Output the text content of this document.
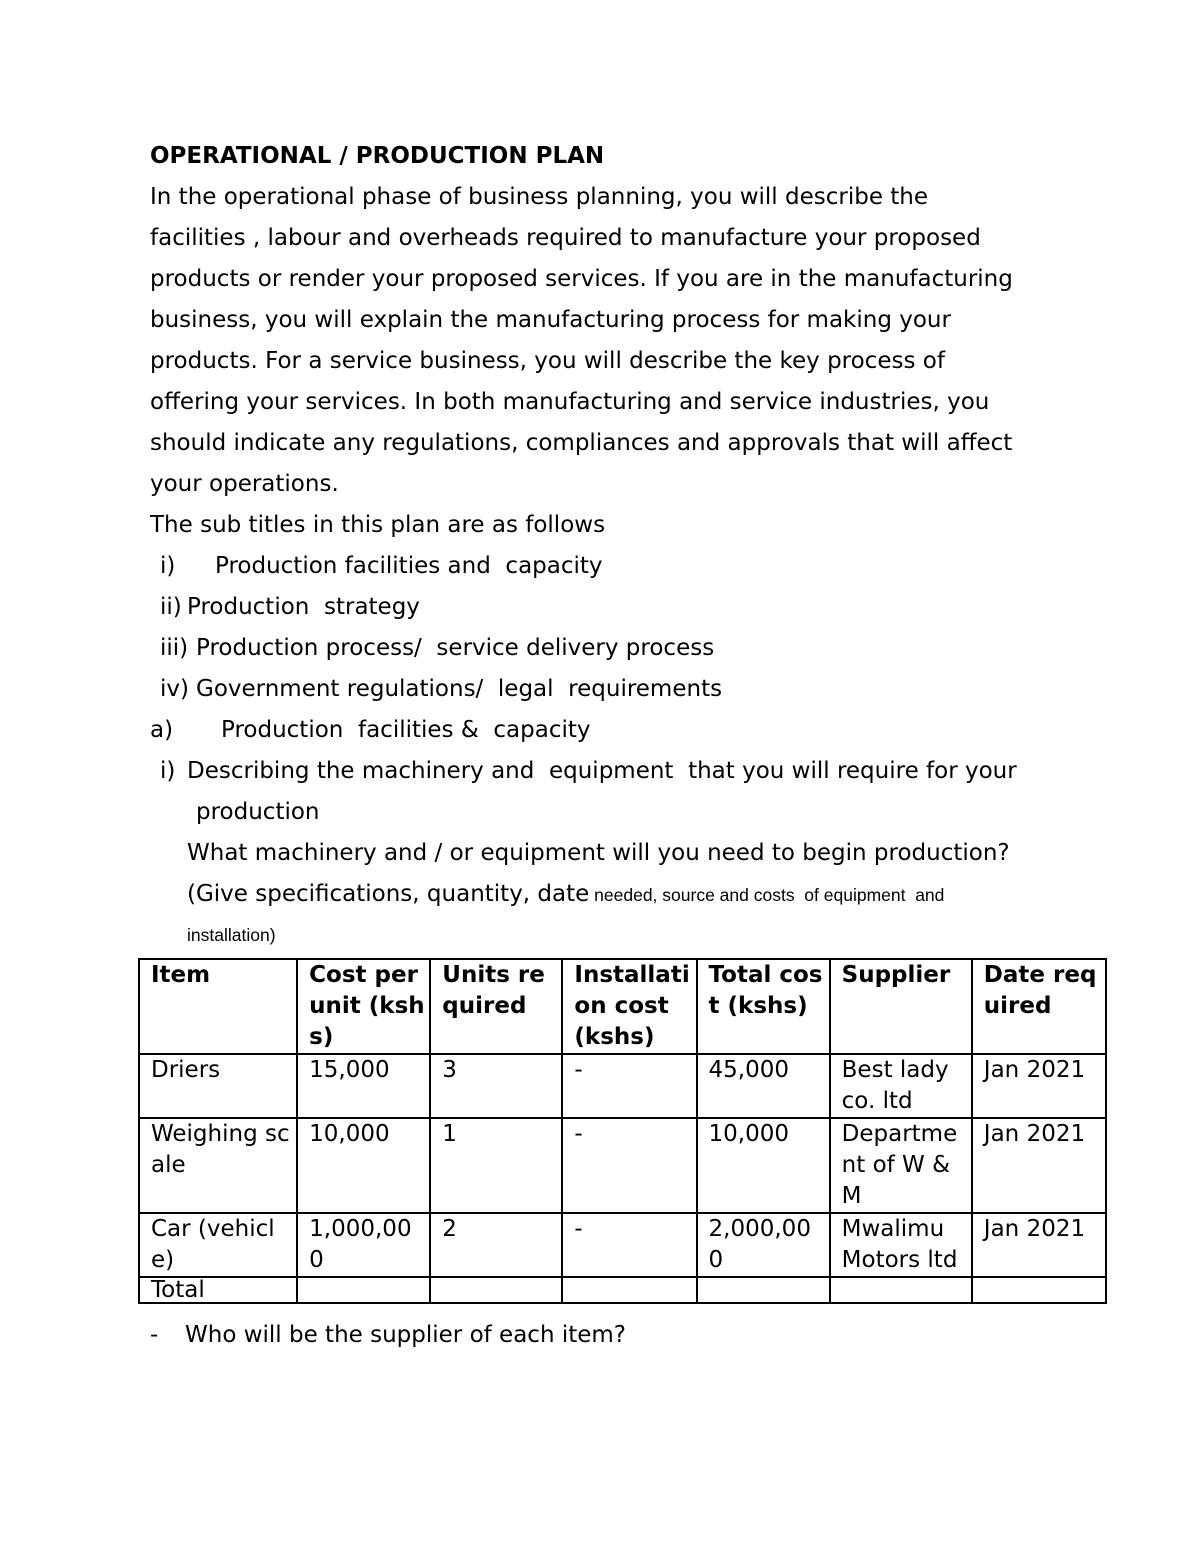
OPERATIONAL / PRODUCTION PLAN
In the operational phase of business planning, you will describe the
facilities , labour and overheads required to manufacture your proposed
products or render your proposed services. If you are in the manufacturing
business, you will explain the manufacturing process for making your
products. For a service business, you will describe the key process of
offering your services. In both manufacturing and service industries, you
should indicate any regulations, compliances and approvals that will affect
your operations.
The sub titles in this plan are as follows
i) Production facilities and  capacity
ii) Production  strategy
iii) Production process/  service delivery process
iv) Government regulations/  legal  requirements
a) Production  facilities &  capacity
i) Describing the machinery and  equipment  that you will require for your
production
What machinery and / or equipment will you need to begin production?
(Give specifications, quantity, date needed, source and costs  of equipment  and
installation)
Item	Cost per unit (kshs)	Units required	Installation cost (kshs)	Total cost (kshs)	Supplier	Date required
Driers	15,000	3	-	45,000	Best lady co. ltd	Jan 2021
Weighing scale	10,000	1	-	10,000	Department of W & M	Jan 2021
Car (vehicle)	1,000,000	2	-	2,000,000	Mwalimu Motors ltd	Jan 2021
Total						
- Who will be the supplier of each item?
